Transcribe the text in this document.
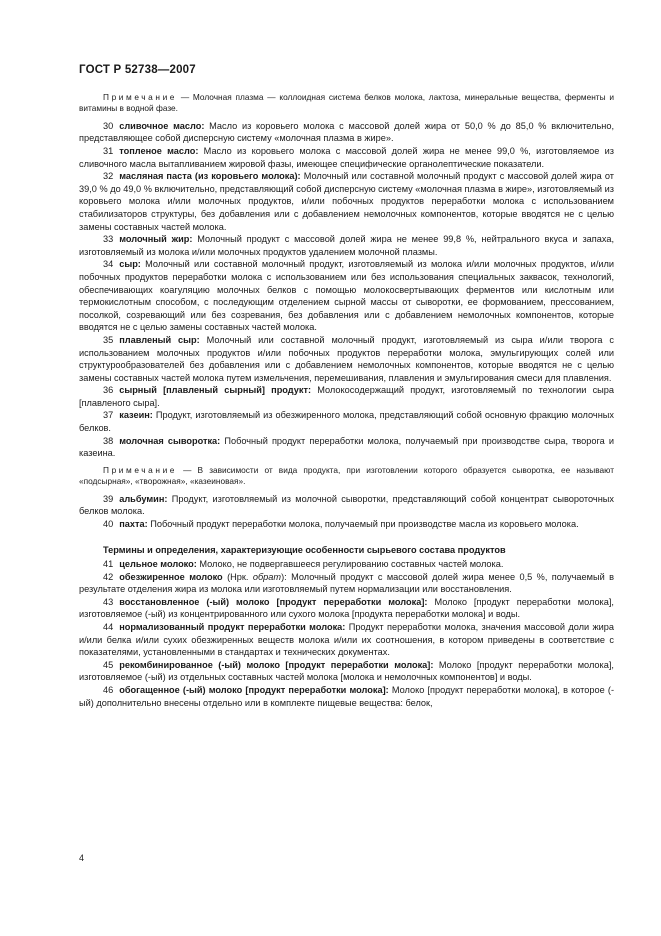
ГОСТ Р 52738—2007

Примечание — Молочная плазма — коллоидная система белков молока, лактоза, минеральные вещества, ферменты и витамины в водной фазе.

30 сливочное масло: Масло из коровьего молока с массовой долей жира от 50,0 % до 85,0 % включительно, представляющее собой дисперсную систему «молочная плазма в жире».

31 топленое масло: Масло из коровьего молока с массовой долей жира не менее 99,0 %, изготовляемое из сливочного масла вытапливанием жировой фазы, имеющее специфические органолептические показатели.

32 масляная паста (из коровьего молока): Молочный или составной молочный продукт с массовой долей жира от 39,0 % до 49,0 % включительно, представляющий собой дисперсную систему «молочная плазма в жире», изготовляемый из коровьего молока и/или молочных продуктов, и/или побочных продуктов переработки молока с использованием стабилизаторов структуры, без добавления или с добавлением немолочных компонентов, которые вводятся не с целью замены составных частей молока.

33 молочный жир: Молочный продукт с массовой долей жира не менее 99,8 %, нейтрального вкуса и запаха, изготовляемый из молока и/или молочных продуктов удалением молочной плазмы.

34 сыр: Молочный или составной молочный продукт, изготовляемый из молока и/или молочных продуктов, и/или побочных продуктов переработки молока с использованием или без использования специальных заквасок, технологий, обеспечивающих коагуляцию молочных белков с помощью молокосвертывающих ферментов или кислотным или термокислотным способом, с последующим отделением сырной массы от сыворотки, ее формованием, прессованием, посолкой, созревающий или без созревания, без добавления или с добавлением немолочных компонентов, которые вводятся не с целью замены составных частей молока.

35 плавленый сыр: Молочный или составной молочный продукт, изготовляемый из сыра и/или творога с использованием молочных продуктов и/или побочных продуктов переработки молока, эмульгирующих солей или структурообразователей без добавления или с добавлением немолочных компонентов, которые вводятся не с целью замены составных частей молока путем измельчения, перемешивания, плавления и эмульгирования смеси для плавления.

36 сырный [плавленый сырный] продукт: Молокосодержащий продукт, изготовляемый по технологии сыра [плавленого сыра].

37 казеин: Продукт, изготовляемый из обезжиренного молока, представляющий собой основную фракцию молочных белков.

38 молочная сыворотка: Побочный продукт переработки молока, получаемый при производстве сыра, творога и казеина.

Примечание — В зависимости от вида продукта, при изготовлении которого образуется сыворотка, ее называют «подсырная», «творожная», «казеиновая».

39 альбумин: Продукт, изготовляемый из молочной сыворотки, представляющий собой концентрат сывороточных белков молока.

40 пахта: Побочный продукт переработки молока, получаемый при производстве масла из коровьего молока.

Термины и определения, характеризующие особенности сырьевого состава продуктов

41 цельное молоко: Молоко, не подвергавшееся регулированию составных частей молока.

42 обезжиренное молоко (Нрк. обрат): Молочный продукт с массовой долей жира менее 0,5 %, получаемый в результате отделения жира из молока или изготовляемый путем нормализации или восстановления.

43 восстановленное (-ый) молоко [продукт переработки молока]: Молоко [продукт переработки молока], изготовляемое (-ый) из концентрированного или сухого молока [продукта переработки молока] и воды.

44 нормализованный продукт переработки молока: Продукт переработки молока, значения массовой доли жира и/или белка и/или сухих обезжиренных веществ молока и/или их соотношения, в котором приведены в соответствие с показателями, установленными в стандартах и технических документах.

45 рекомбинированное (-ый) молоко [продукт переработки молока]: Молоко [продукт переработки молока], изготовляемое (-ый) из отдельных составных частей молока [молока и немолочных компонентов] и воды.

46 обогащенное (-ый) молоко [продукт переработки молока]: Молоко [продукт переработки молока], в которое (-ый) дополнительно внесены отдельно или в комплекте пищевые вещества: белок,

4
